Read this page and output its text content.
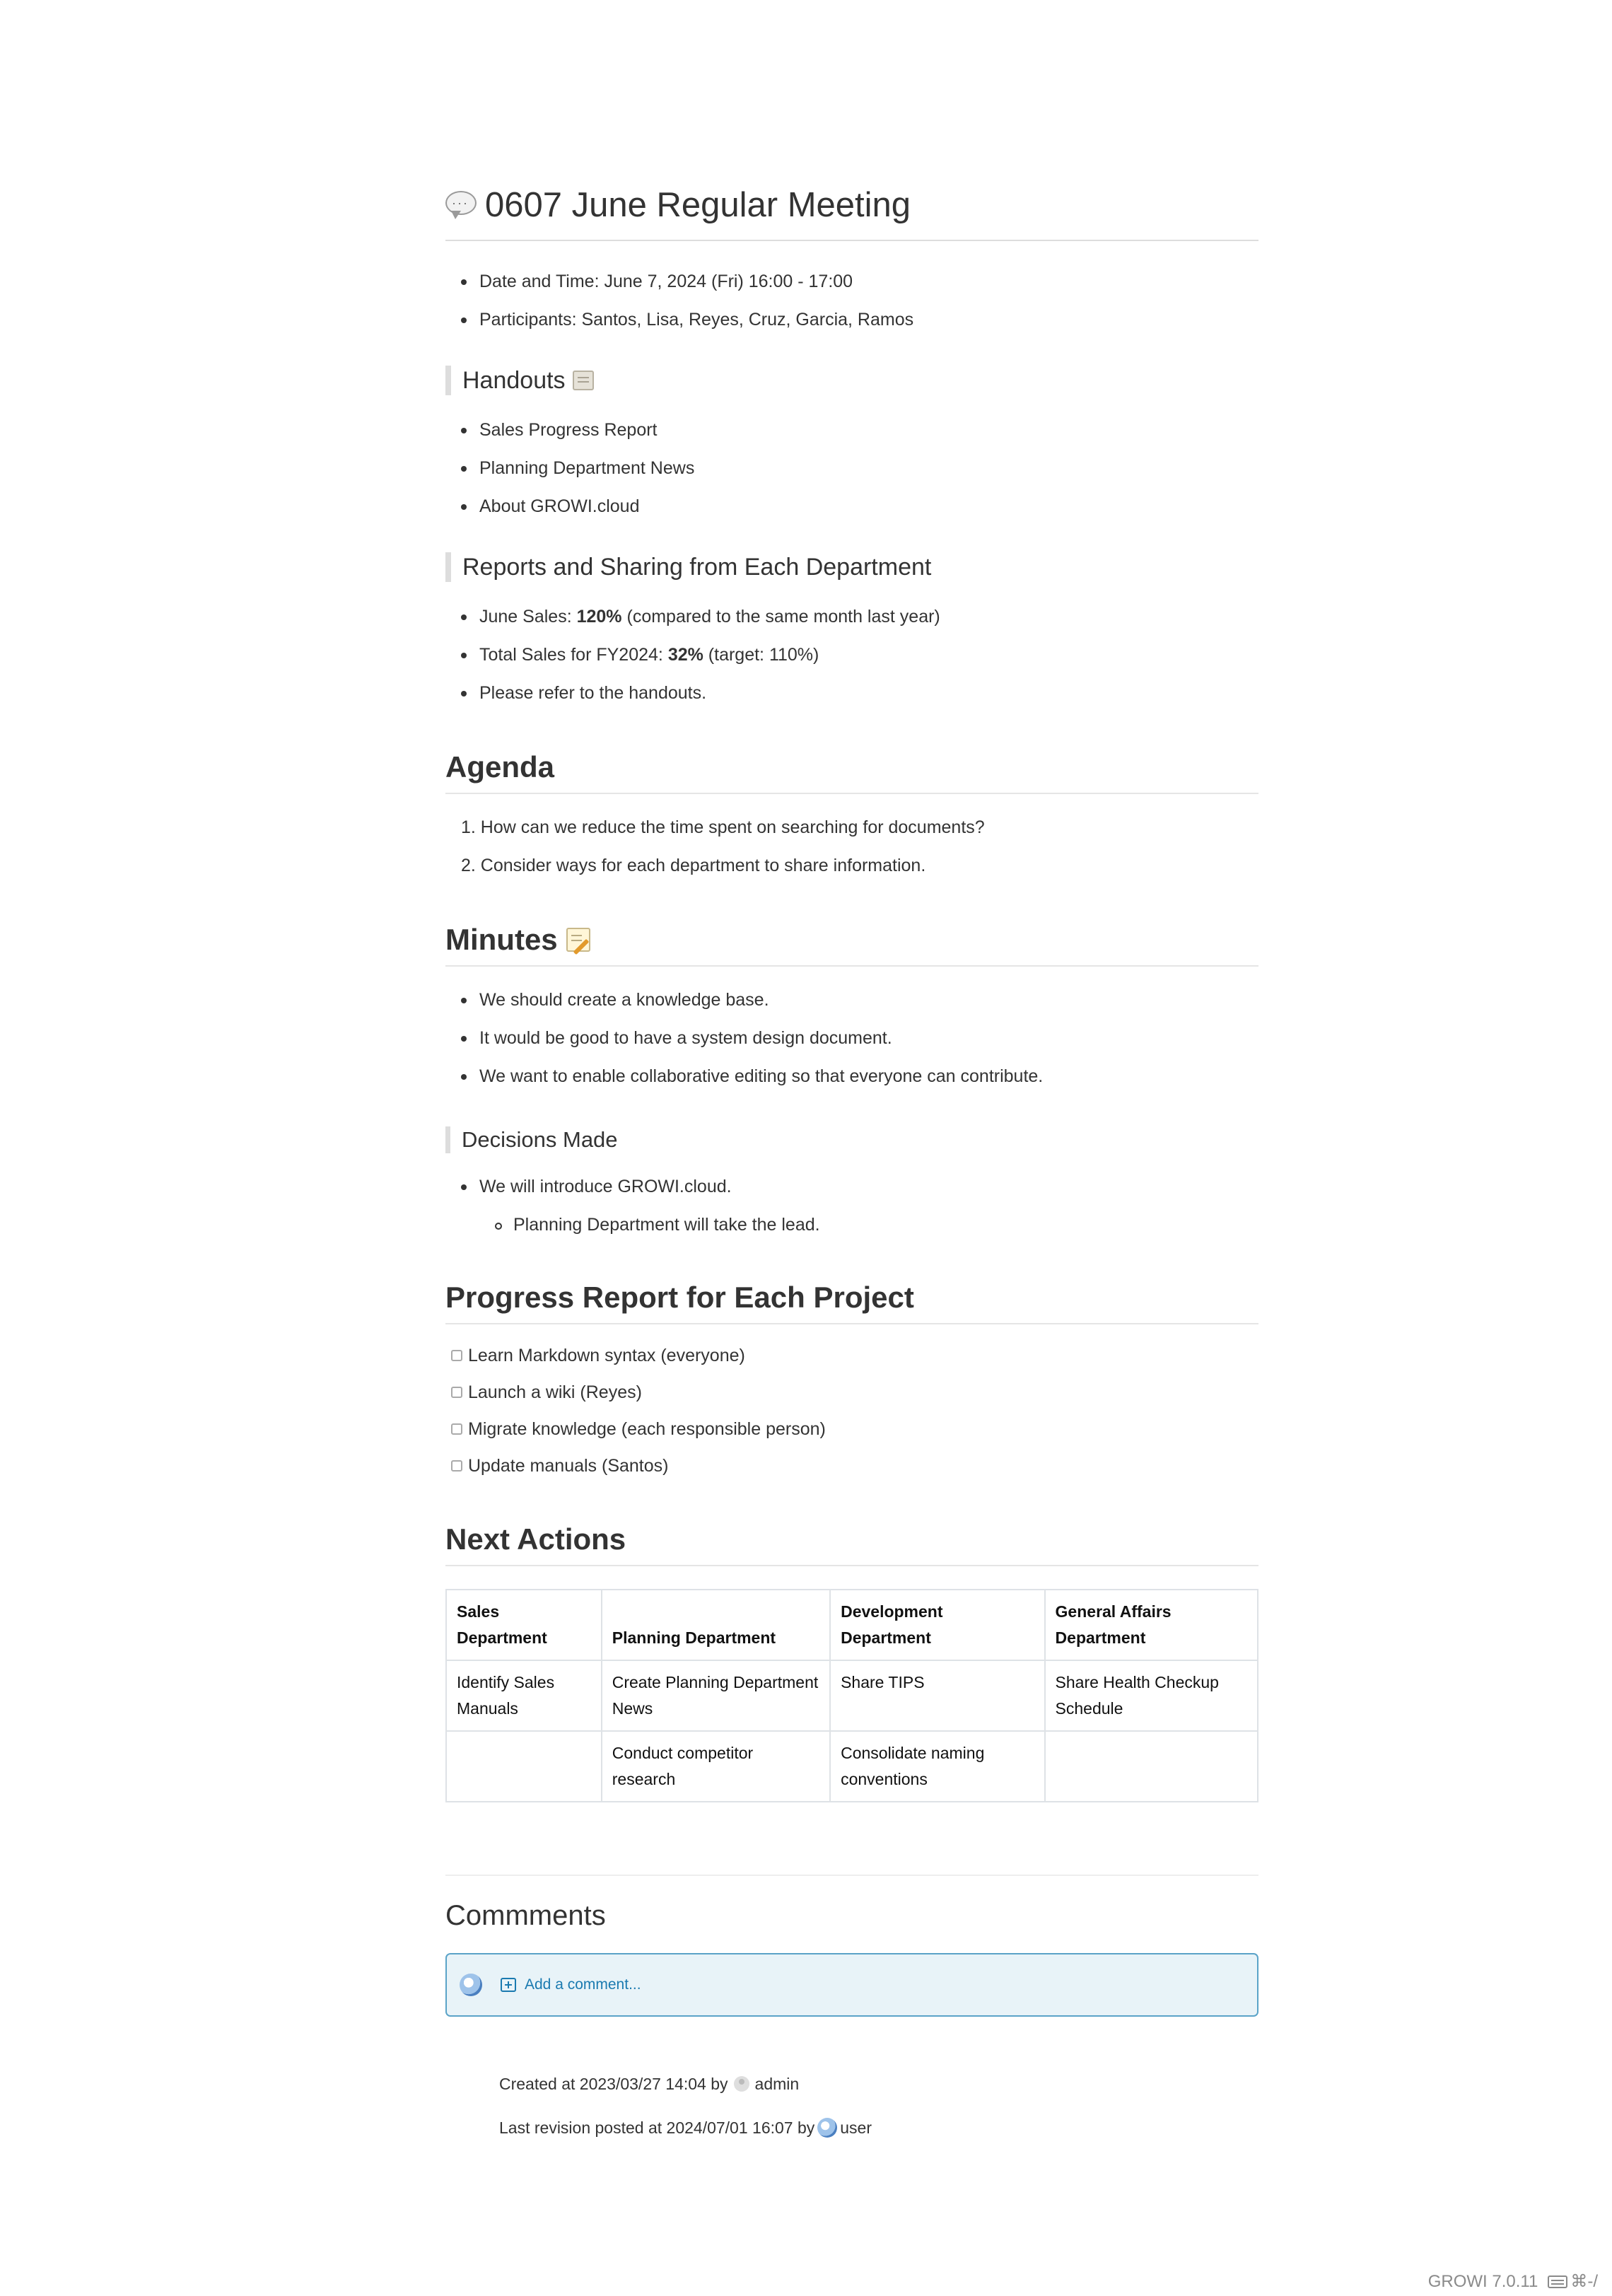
··· 0607 June Regular Meeting
Date and Time: June 7, 2024 (Fri) 16:00 - 17:00
Participants: Santos, Lisa, Reyes, Cruz, Garcia, Ramos
Handouts
Sales Progress Report
Planning Department News
About GROWI.cloud
Reports and Sharing from Each Department
June Sales: 120% (compared to the same month last year)
Total Sales for FY2024: 32% (target: 110%)
Please refer to the handouts.
Agenda
1. How can we reduce the time spent on searching for documents?
2. Consider ways for each department to share information.
Minutes
We should create a knowledge base.
It would be good to have a system design document.
We want to enable collaborative editing so that everyone can contribute.
Decisions Made
We will introduce GROWI.cloud.
Planning Department will take the lead.
Progress Report for Each Project
Learn Markdown syntax (everyone)
Launch a wiki (Reyes)
Migrate knowledge (each responsible person)
Update manuals (Santos)
Next Actions
Sales Department	Planning Department	Development Department	General Affairs Department
Identify Sales Manuals	Create Planning Department News	Share TIPS	Share Health Checkup Schedule
	Conduct competitor research	Consolidate naming conventions	
Commments
Add a comment...
Created at 2023/03/27 14:04 by admin
Last revision posted at 2024/07/01 16:07 by user
GROWI 7.0.11 ⌘-/
